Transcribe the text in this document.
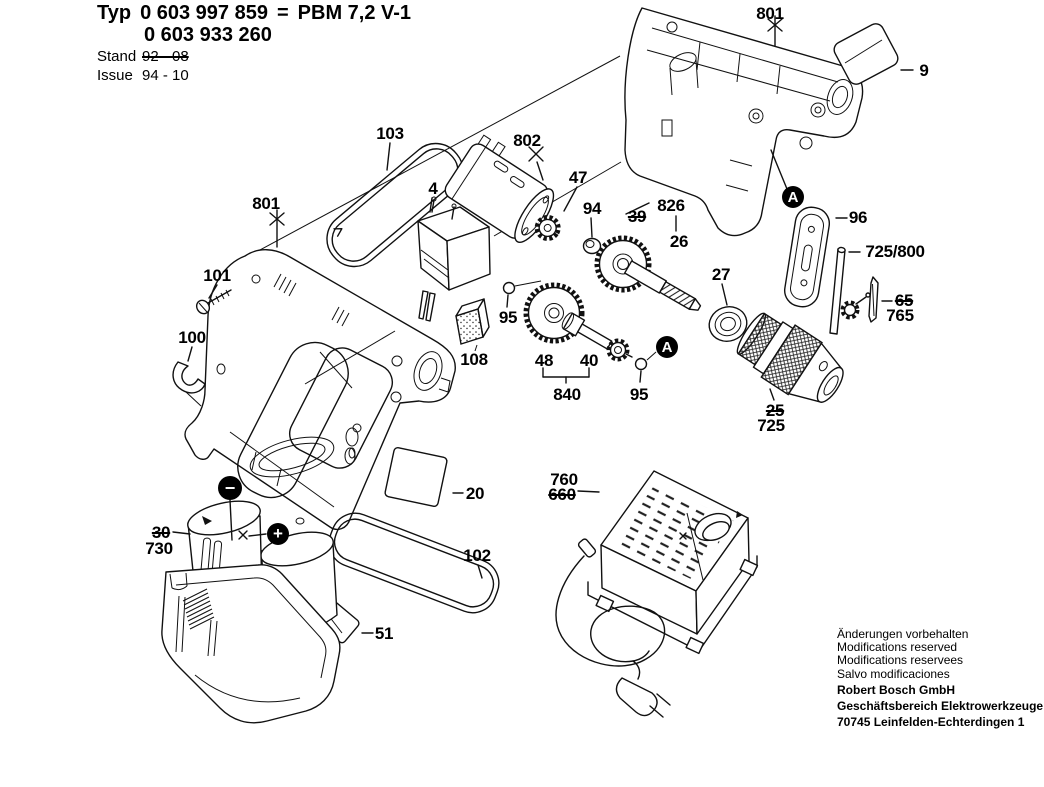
Typ 0 603 997 859 = PBM 7,2 V-1
0 603 933 260
Stand 92 - 08
Issue 94 - 10
801
9
103	802
4
47
801	94 39
826
26
96
725/800
101
65
765
27
95
100
108	48 40
840	95
25
725
20
760
660
102
51
30
730
A
A
−
+
Änderungen vorbehalten
Modifications reserved
Modifications reservees
Salvo modificaciones
Robert Bosch GmbH
Geschäftsbereich Elektrowerkzeuge
70745 Leinfelden-Echterdingen 1
